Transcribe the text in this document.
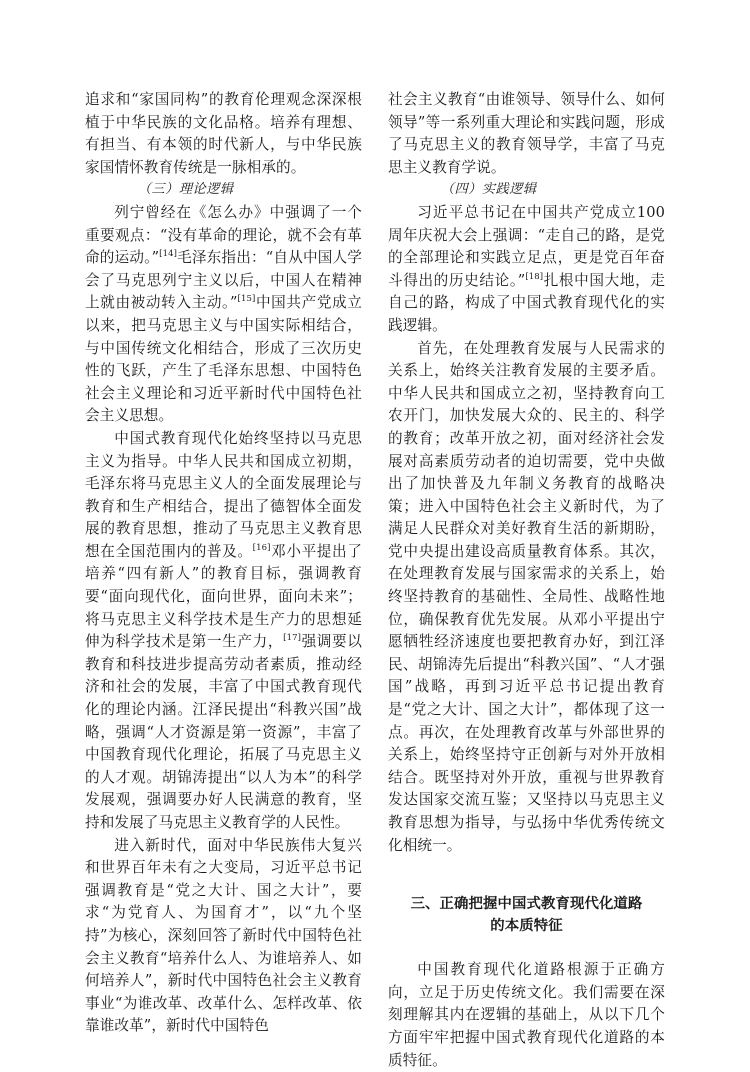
追求和“家国同构”的教育伦理观念深深根植于中华民族的文化品格。培养有理想、有担当、有本领的时代新人，与中华民族家国情怀教育传统是一脉相承的。

（三）理论逻辑

列宁曾经在《怎么办》中强调了一个重要观点：“没有革命的理论，就不会有革命的运动。”[14]毛泽东指出：“自从中国人学会了马克思列宁主义以后，中国人在精神上就由被动转入主动。”[15]中国共产党成立以来，把马克思主义与中国实际相结合，与中国传统文化相结合，形成了三次历史性的飞跃，产生了毛泽东思想、中国特色社会主义理论和习近平新时代中国特色社会主义思想。

中国式教育现代化始终坚持以马克思主义为指导。中华人民共和国成立初期，毛泽东将马克思主义人的全面发展理论与教育和生产相结合，提出了德智体全面发展的教育思想，推动了马克思主义教育思想在全国范围内的普及。[16]邓小平提出了培养“四有新人”的教育目标，强调教育要“面向现代化，面向世界，面向未来”；将马克思主义科学技术是生产力的思想延伸为科学技术是第一生产力，[17]强调要以教育和科技进步提高劳动者素质，推动经济和社会的发展，丰富了中国式教育现代化的理论内涵。江泽民提出“科教兴国”战略，强调“人才资源是第一资源”，丰富了中国教育现代化理论，拓展了马克思主义的人才观。胡锦涛提出“以人为本”的科学发展观，强调要办好人民满意的教育，坚持和发展了马克思主义教育学的人民性。

进入新时代，面对中华民族伟大复兴和世界百年未有之大变局，习近平总书记强调教育是“党之大计、国之大计”，要求“为党育人、为国育才”，以“九个坚持”为核心，深刻回答了新时代中国特色社会主义教育“培养什么人、为谁培养人、如何培养人”，新时代中国特色社会主义教育事业“为谁改革、改革什么、怎样改革、依靠谁改革”，新时代中国特色

社会主义教育“由谁领导、领导什么、如何领导”等一系列重大理论和实践问题，形成了马克思主义的教育领导学，丰富了马克思主义教育学说。

（四）实践逻辑

习近平总书记在中国共产党成立100周年庆祝大会上强调：“走自己的路，是党的全部理论和实践立足点，更是党百年奋斗得出的历史结论。”[18]扎根中国大地，走自己的路，构成了中国式教育现代化的实践逻辑。

首先，在处理教育发展与人民需求的关系上，始终关注教育发展的主要矛盾。中华人民共和国成立之初，坚持教育向工农开门，加快发展大众的、民主的、科学的教育；改革开放之初，面对经济社会发展对高素质劳动者的迫切需要，党中央做出了加快普及九年制义务教育的战略决策；进入中国特色社会主义新时代，为了满足人民群众对美好教育生活的新期盼，党中央提出建设高质量教育体系。其次，在处理教育发展与国家需求的关系上，始终坚持教育的基础性、全局性、战略性地位，确保教育优先发展。从邓小平提出宁愿牺牲经济速度也要把教育办好，到江泽民、胡锦涛先后提出“科教兴国”、“人才强国”战略，再到习近平总书记提出教育是“党之大计、国之大计”，都体现了这一点。再次，在处理教育改革与外部世界的关系上，始终坚持守正创新与对外开放相结合。既坚持对外开放，重视与世界教育发达国家交流互鉴；又坚持以马克思主义教育思想为指导，与弘扬中华优秀传统文化相统一。

三、正确把握中国式教育现代化道路
的本质特征

中国教育现代化道路根源于正确方向，立足于历史传统文化。我们需要在深刻理解其内在逻辑的基础上，从以下几个方面牢牢把握中国式教育现代化道路的本质特征。
